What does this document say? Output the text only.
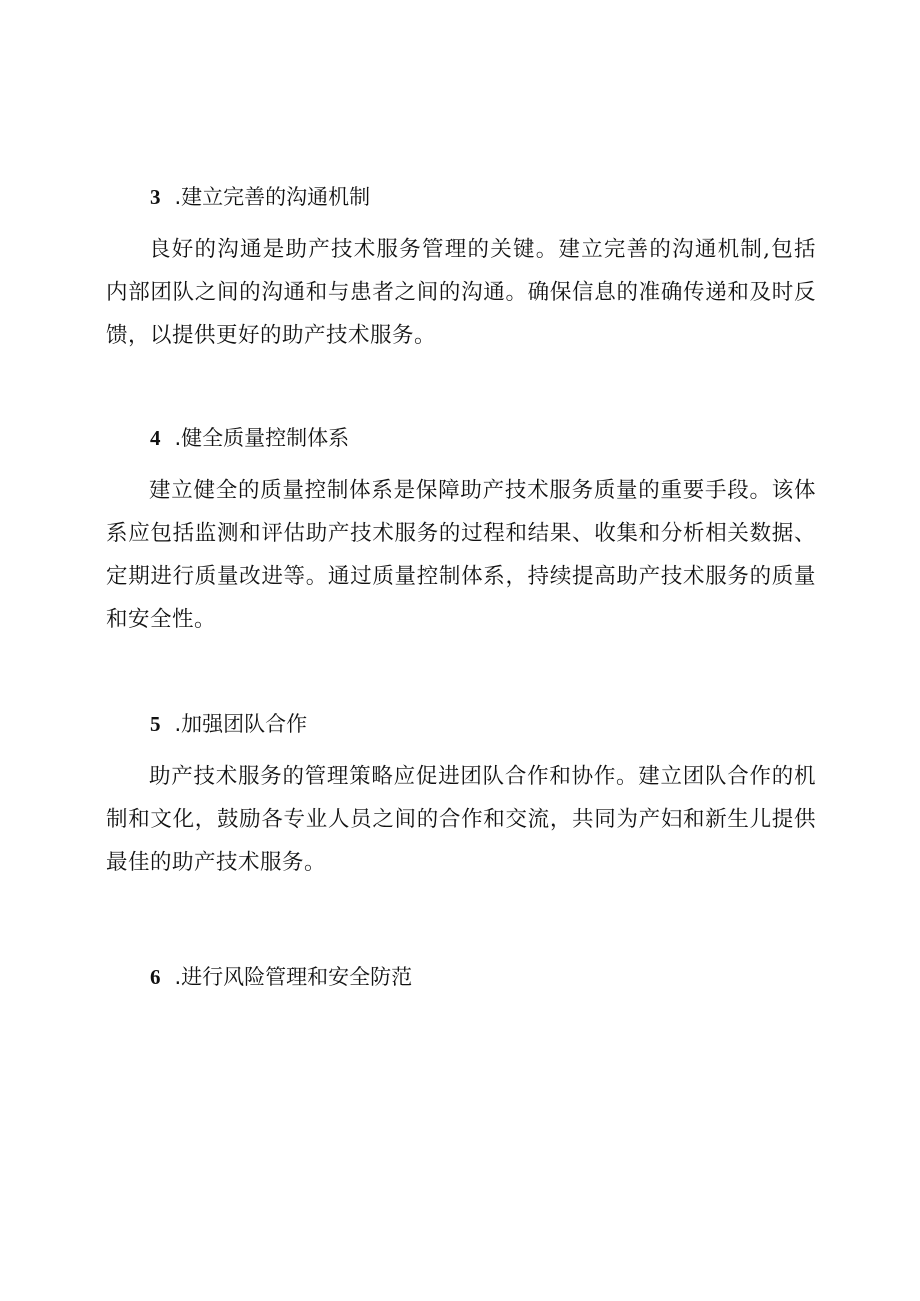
3 .建立完善的沟通机制

良好的沟通是助产技术服务管理的关键。建立完善的沟通机制,包括内部团队之间的沟通和与患者之间的沟通。确保信息的准确传递和及时反馈，以提供更好的助产技术服务。

4 .健全质量控制体系

建立健全的质量控制体系是保障助产技术服务质量的重要手段。该体系应包括监测和评估助产技术服务的过程和结果、收集和分析相关数据、定期进行质量改进等。通过质量控制体系，持续提高助产技术服务的质量和安全性。

5 .加强团队合作

助产技术服务的管理策略应促进团队合作和协作。建立团队合作的机制和文化，鼓励各专业人员之间的合作和交流，共同为产妇和新生儿提供最佳的助产技术服务。

6 .进行风险管理和安全防范
